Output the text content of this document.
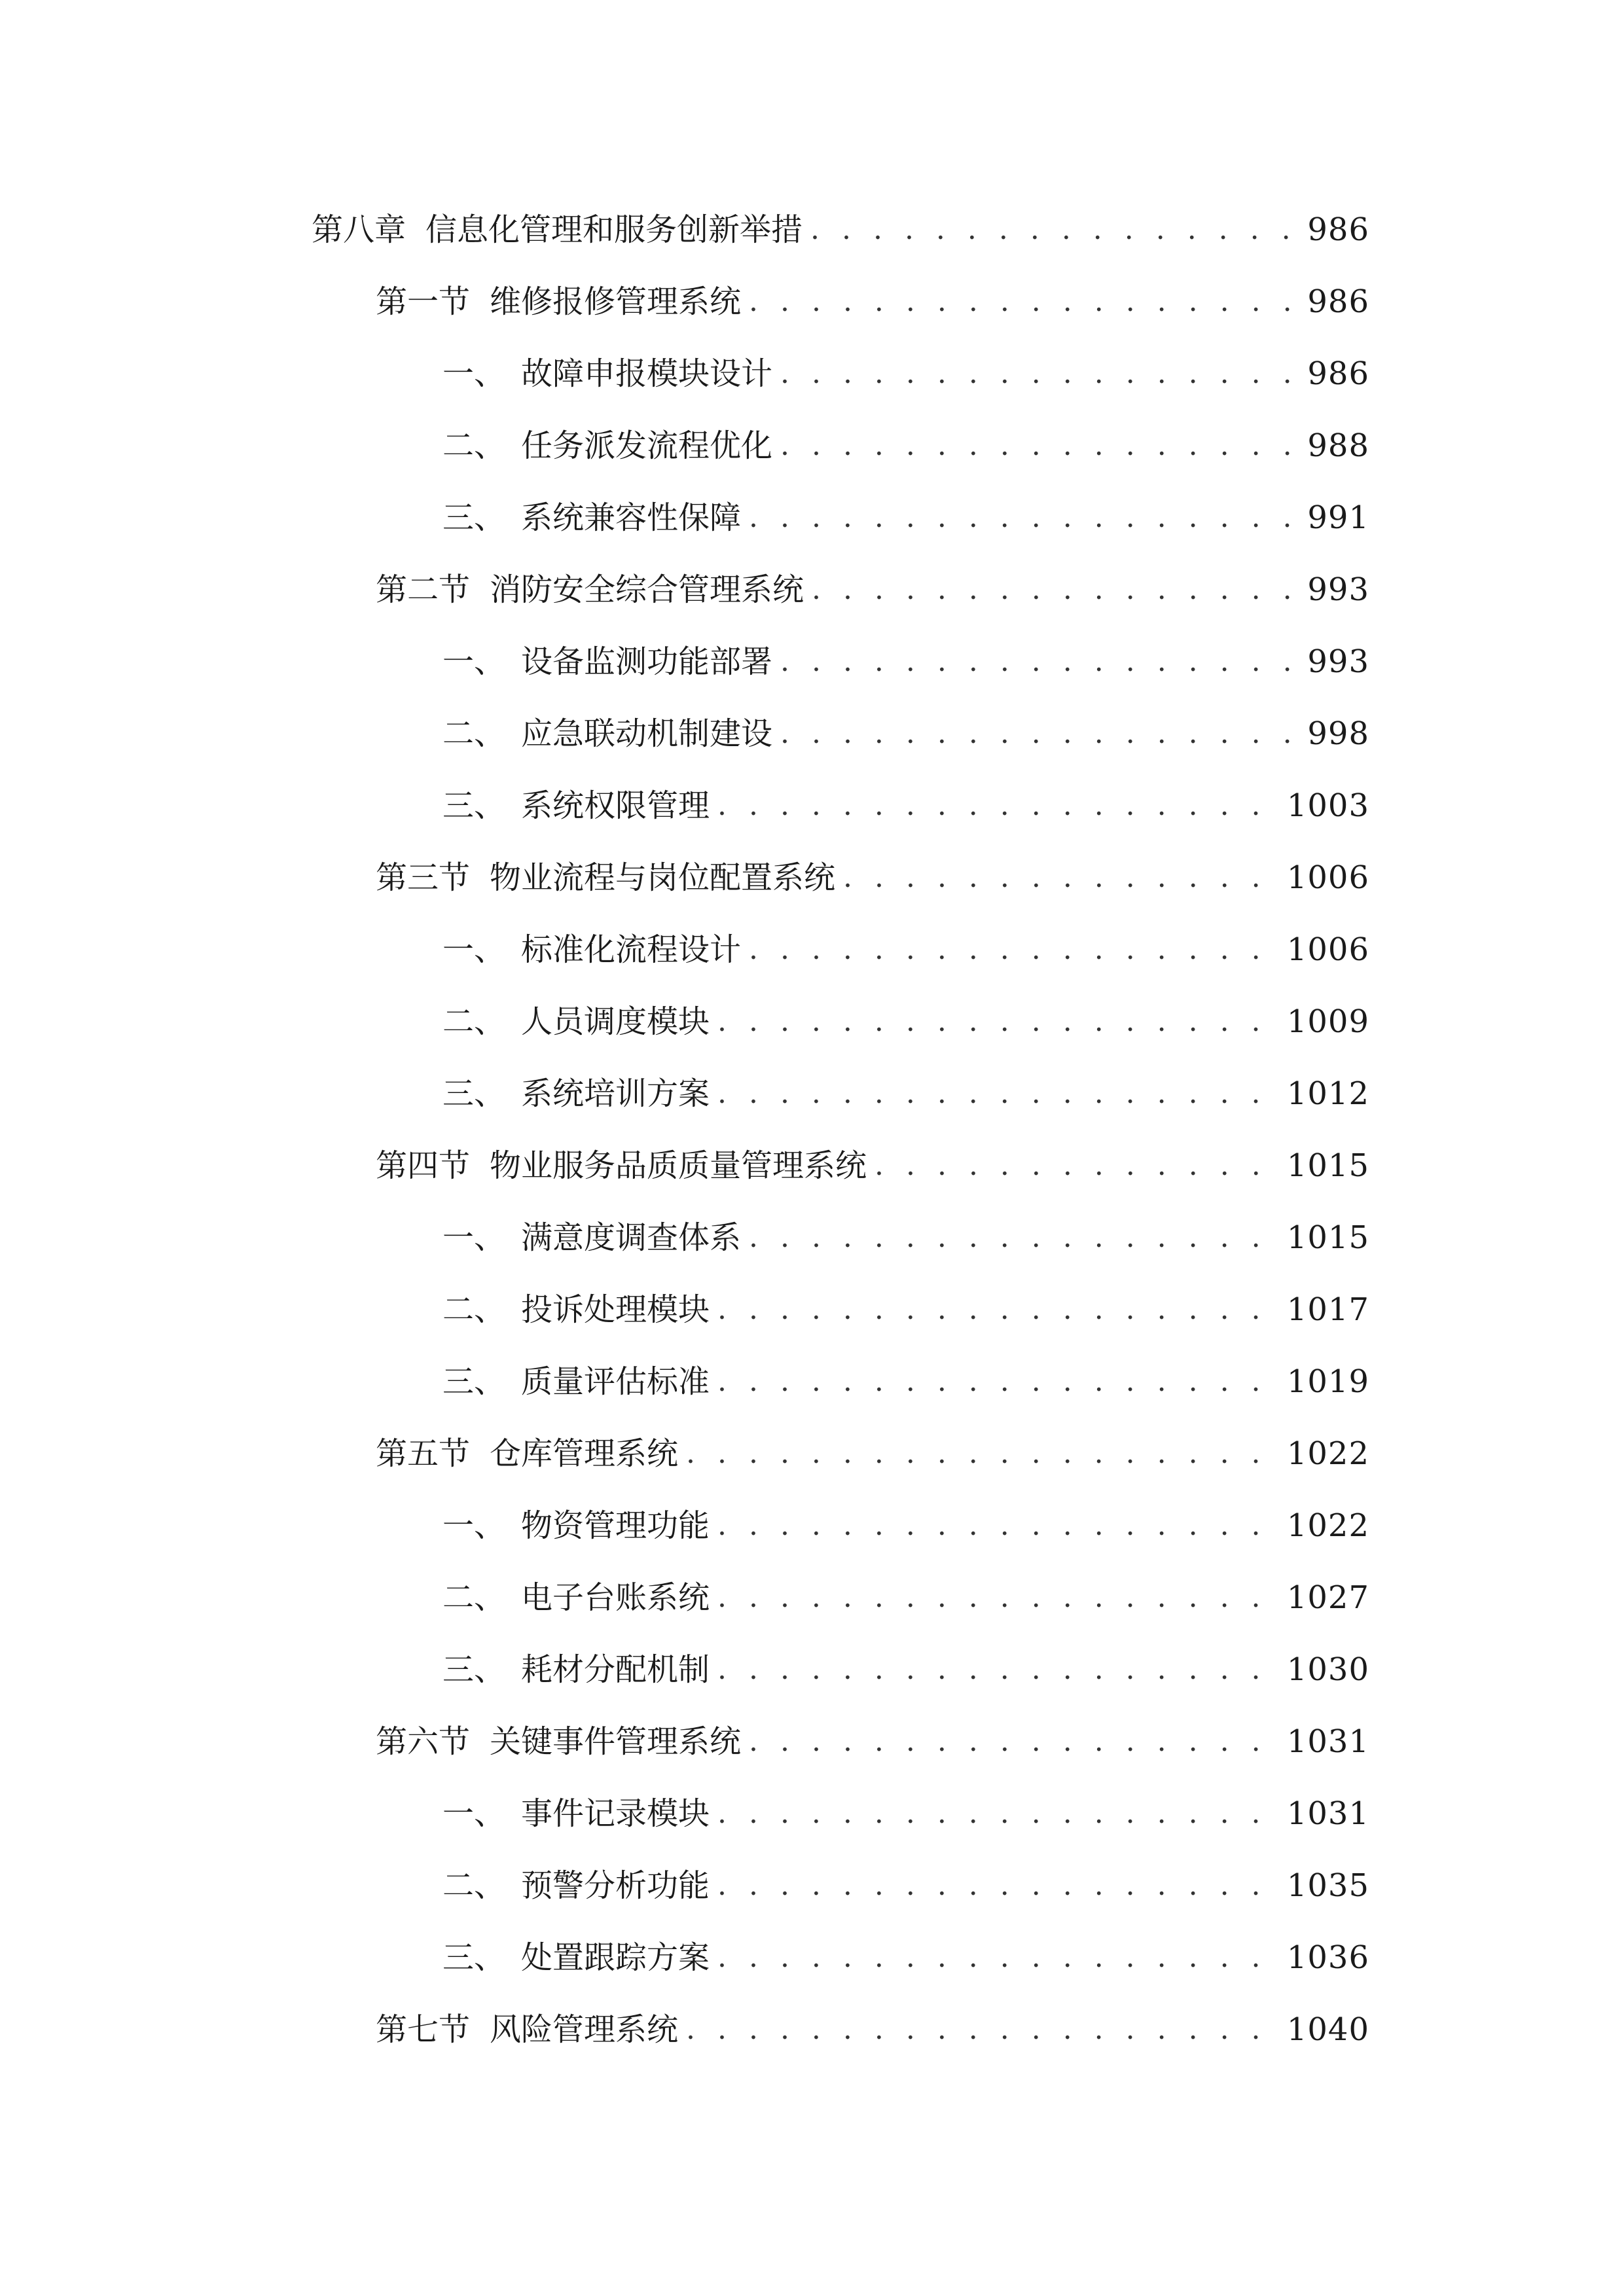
第八章 信息化管理和服务创新举措 . . .	986
第一节 维修报修管理系统 . . .	986
一、 故障申报模块设计 . . .	986
二、 任务派发流程优化 . . .	988
三、 系统兼容性保障 . . .	991
第二节 消防安全综合管理系统 . . .	993
一、 设备监测功能部署 . . .	993
二、 应急联动机制建设 . . .	998
三、 系统权限管理 . . .	1003
第三节 物业流程与岗位配置系统 . . .	1006
一、 标准化流程设计 . . .	1006
二、 人员调度模块 . . .	1009
三、 系统培训方案 . . .	1012
第四节 物业服务品质质量管理系统 . . .	1015
一、 满意度调查体系 . . .	1015
二、 投诉处理模块 . . .	1017
三、 质量评估标准 . . .	1019
第五节 仓库管理系统 . . .	1022
一、 物资管理功能 . . .	1022
二、 电子台账系统 . . .	1027
三、 耗材分配机制 . . .	1030
第六节 关键事件管理系统 . . .	1031
一、 事件记录模块 . . .	1031
二、 预警分析功能 . . .	1035
三、 处置跟踪方案 . . .	1036
第七节 风险管理系统 . . .	1040
